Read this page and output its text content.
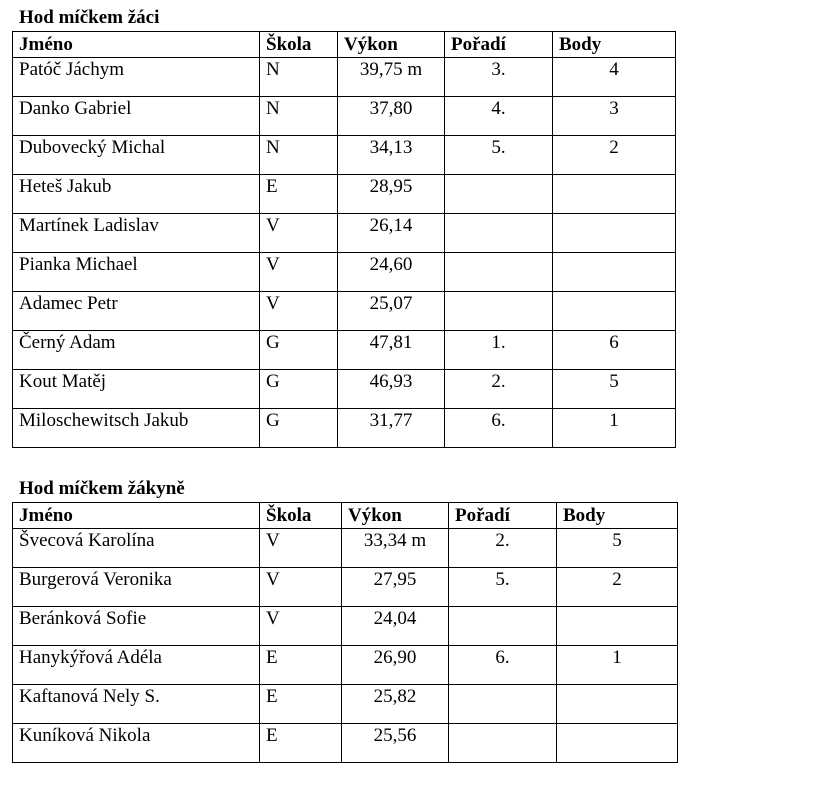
Hod míčkem žáci
Jméno	Škola	Výkon	Pořadí	Body
Patóč Jáchym	N	39,75 m	3.	4
Danko Gabriel	N	37,80	4.	3
Dubovecký Michal	N	34,13	5.	2
Heteš Jakub	E	28,95		
Martínek Ladislav	V	26,14		
Pianka Michael	V	24,60		
Adamec Petr	V	25,07		
Černý Adam	G	47,81	1.	6
Kout Matěj	G	46,93	2.	5
Miloschewitsch Jakub	G	31,77	6.	1
Hod míčkem žákyně
Jméno	Škola	Výkon	Pořadí	Body
Švecová Karolína	V	33,34 m	2.	5
Burgerová Veronika	V	27,95	5.	2
Beránková Sofie	V	24,04		
Hanykýřová Adéla	E	26,90	6.	1
Kaftanová Nely S.	E	25,82		
Kuníková Nikola	E	25,56		
